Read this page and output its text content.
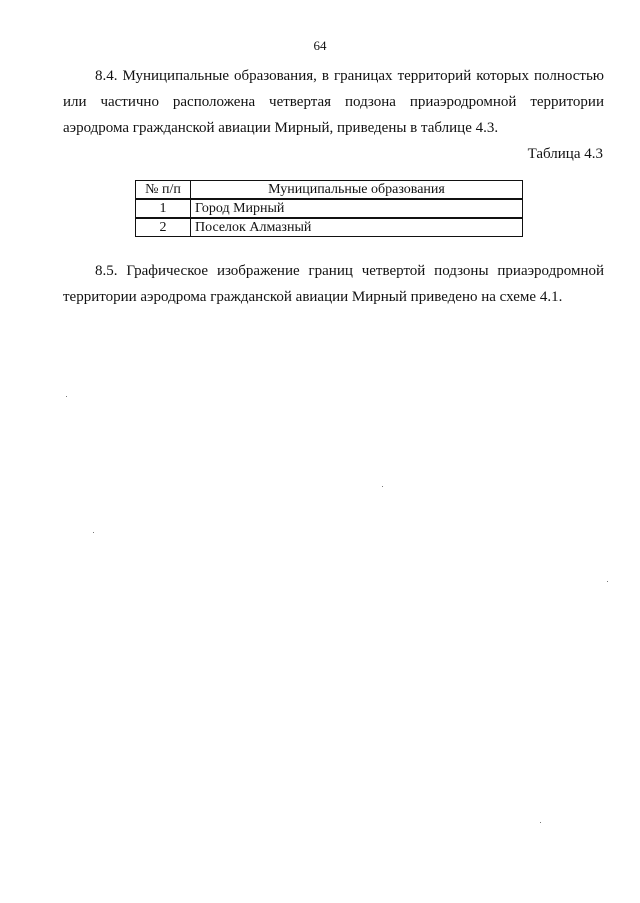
64

8.4. Муниципальные образования, в границах территорий которых полностью или частично расположена четвертая подзона приаэродромной территории аэродрома гражданской авиации Мирный, приведены в таблице 4.3.

Таблица 4.3
№ п/п	Муниципальные образования
1	Город Мирный
2	Поселок Алмазный

8.5. Графическое изображение границ четвертой подзоны приаэродромной территории аэродрома гражданской авиации Мирный приведено на схеме 4.1.
